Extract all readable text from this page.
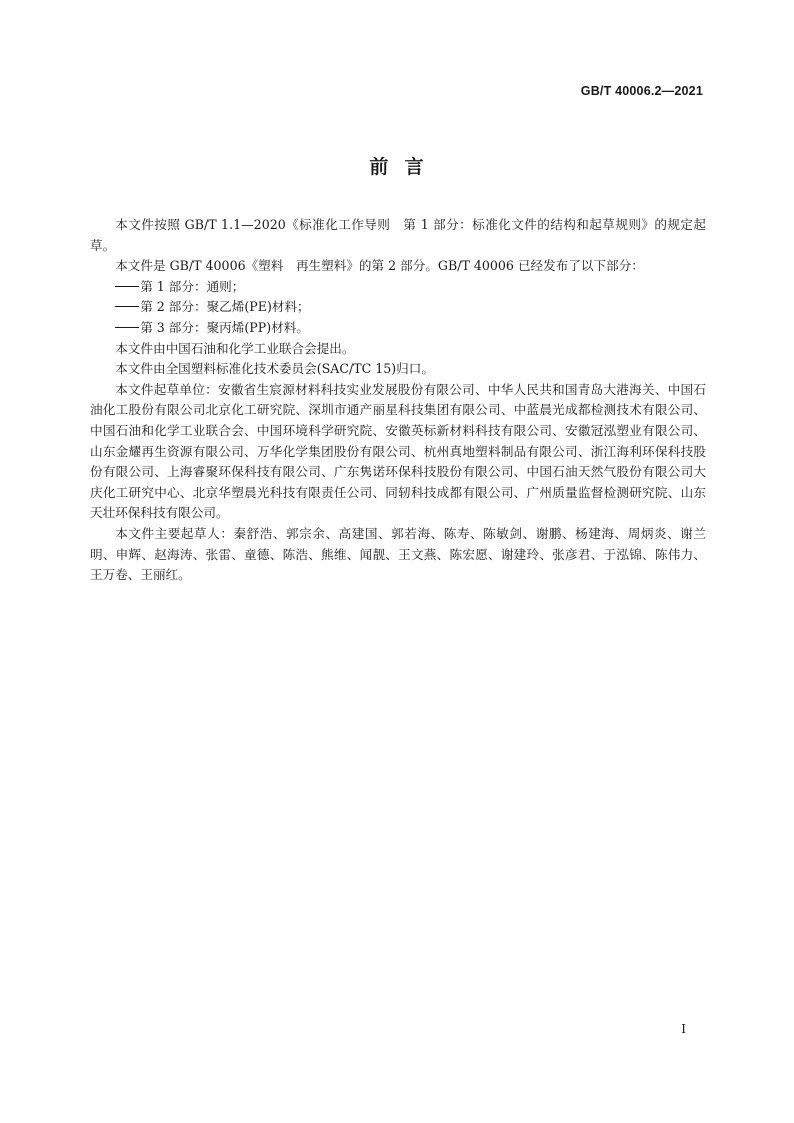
GB/T 40006.2—2021
前  言

本文件按照 GB/T 1.1—2020《标准化工作导则　第 1 部分：标准化文件的结构和起草规则》的规定起草。

本文件是 GB/T 40006《塑料　再生塑料》的第 2 部分。GB/T 40006 已经发布了以下部分：

第 1 部分：通则；

第 2 部分：聚乙烯(PE)材料；

第 3 部分：聚丙烯(PP)材料。

本文件由中国石油和化学工业联合会提出。

本文件由全国塑料标准化技术委员会(SAC/TC 15)归口。

本文件起草单位：安徽省生宸源材料科技实业发展股份有限公司、中华人民共和国青岛大港海关、中国石油化工股份有限公司北京化工研究院、深圳市通产丽星科技集团有限公司、中蓝晨光成都检测技术有限公司、中国石油和化学工业联合会、中国环境科学研究院、安徽英标新材料科技有限公司、安徽冠泓塑业有限公司、山东金耀再生资源有限公司、万华化学集团股份有限公司、杭州真地塑料制品有限公司、浙江海利环保科技股份有限公司、上海睿聚环保科技有限公司、广东隽诺环保科技股份有限公司、中国石油天然气股份有限公司大庆化工研究中心、北京华塑晨光科技有限责任公司、同轫科技成都有限公司、广州质量监督检测研究院、山东天壮环保科技有限公司。

本文件主要起草人：秦舒浩、郭宗余、高建国、郭若海、陈寿、陈敏剑、谢鹏、杨建海、周炳炎、谢兰明、申辉、赵海涛、张雷、童德、陈浩、熊维、闻靓、王文燕、陈宏愿、谢建玲、张彦君、于泓锦、陈伟力、王万卷、王丽红。

I
